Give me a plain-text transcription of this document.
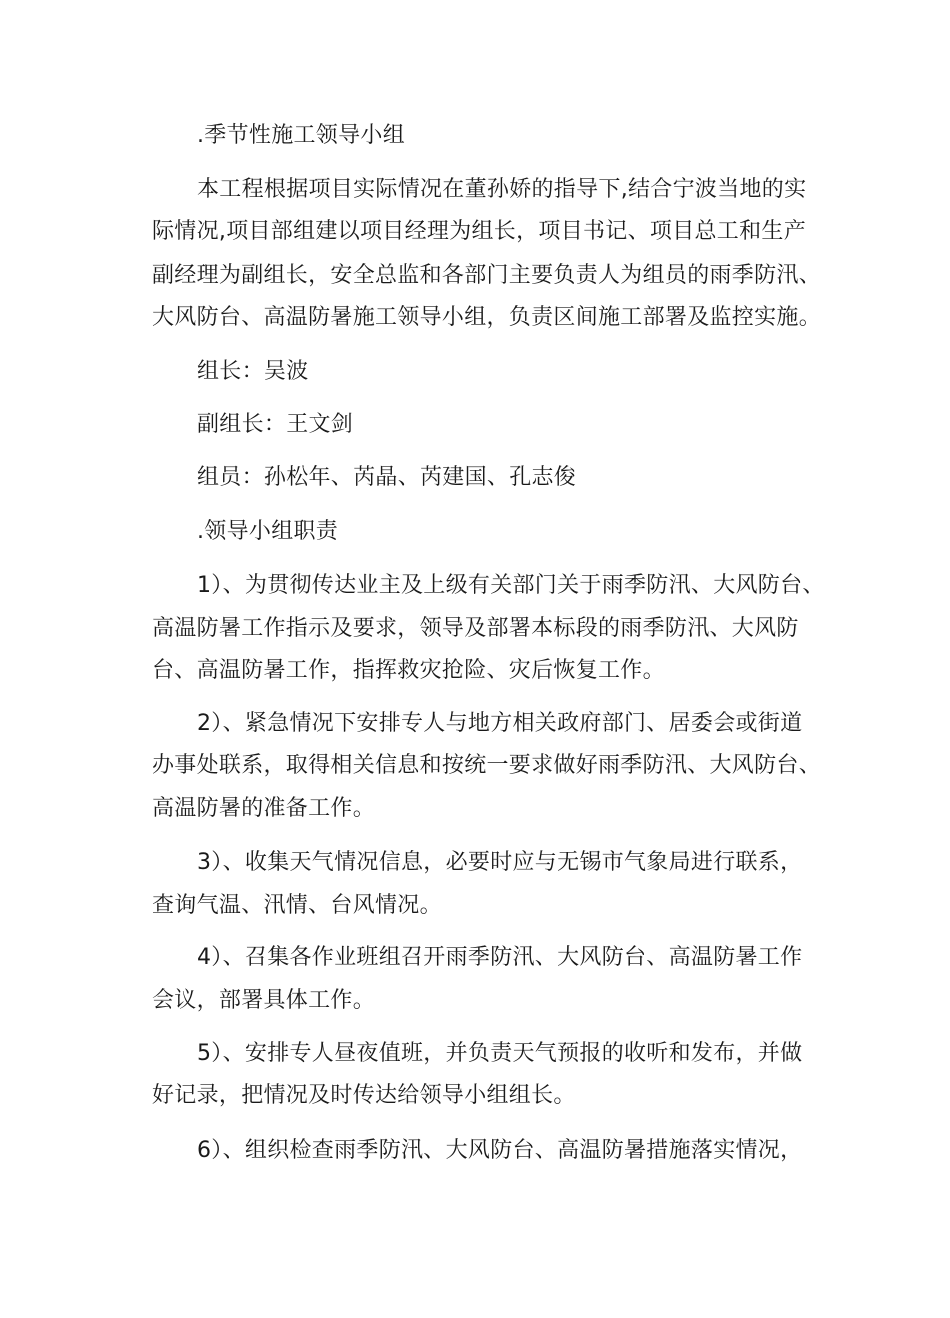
.季节性施工领导小组
本工程根据项目实际情况在董孙娇的指导下,结合宁波当地的实
际情况,项目部组建以项目经理为组长，项目书记、项目总工和生产
副经理为副组长，安全总监和各部门主要负责人为组员的雨季防汛、
大风防台、高温防暑施工领导小组，负责区间施工部署及监控实施。
组长：吴波
副组长：王文剑
组员：孙松年、芮晶、芮建国、孔志俊
.领导小组职责
1）、为贯彻传达业主及上级有关部门关于雨季防汛、大风防台、
高温防暑工作指示及要求，领导及部署本标段的雨季防汛、大风防
台、高温防暑工作，指挥救灾抢险、灾后恢复工作。
2）、紧急情况下安排专人与地方相关政府部门、居委会或街道
办事处联系，取得相关信息和按统一要求做好雨季防汛、大风防台、
高温防暑的准备工作。
3）、收集天气情况信息，必要时应与无锡市气象局进行联系，
查询气温、汛情、台风情况。
4）、召集各作业班组召开雨季防汛、大风防台、高温防暑工作
会议，部署具体工作。
5）、安排专人昼夜值班，并负责天气预报的收听和发布，并做
好记录，把情况及时传达给领导小组组长。
6）、组织检查雨季防汛、大风防台、高温防暑措施落实情况，
